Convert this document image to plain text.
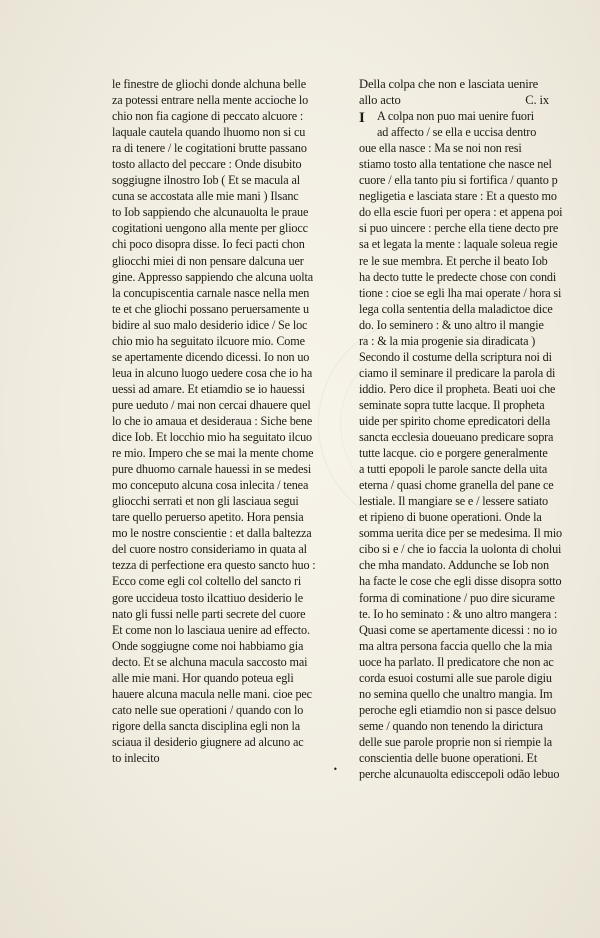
le finestre de gliochi donde alchuna belle
za potessi entrare nella mente accioche lo
chio non fia cagione di peccato alcuore :
laquale cautela quando lhuomo non si cu
ra di tenere / le cogitationi brutte passano
tosto allacto del peccare : Onde disubito
soggiugne ilnostro Iob ( Et se macula al
cuna se accostata alle mie mani ) Ilsanc
to Iob sappiendo che alcunauolta le praue
cogitationi uengono alla mente per gliocc
chi poco disopra disse. Io feci pacti chon
gliocchi miei di non pensare dalcuna uer
gine. Appresso sappiendo che alcuna uolta
la concupiscentia carnale nasce nella men
te et che gliochi possano peruersamente u
bidire al suo malo desiderio idice / Se loc
chio mio ha seguitato ilcuore mio. Come
se apertamente dicendo dicessi. Io non uo
leua in alcuno luogo uedere cosa che io ha
uessi ad amare. Et etiamdio se io hauessi
pure ueduto / mai non cercai dhauere quel
lo che io amaua et desideraua : Siche bene
dice Iob. Et locchio mio ha seguitato ilcuo
re mio. Impero che se mai la mente chome
pure dhuomo carnale hauessi in se medesi
mo conceputo alcuna cosa inlecita / tenea
gliocchi serrati et non gli lasciaua segui
tare quello peruerso apetito. Hora pensia
mo le nostre conscientie : et dalla baltezza
del cuore nostro consideriamo in quata al
tezza di perfectione era questo sancto huo :
Ecco come egli col coltello del sancto ri
gore uccideua tosto ilcattiuo desiderio le
nato gli fussi nelle parti secrete del cuore
Et come non lo lasciaua uenire ad effecto.
Onde soggiugne come noi habbiamo gia
decto. Et se alchuna macula saccosto mai
alle mie mani. Hor quando poteua egli
hauere alcuna macula nelle mani. cioe pec
cato nelle sue operationi / quando con lo
rigore della sancta disciplina egli non la
sciaua il desiderio giugnere ad alcuno ac
to inlecito
Della colpa che non e lasciata uenire
allo acto	C. ix
I A colpa non puo mai uenire fuori
ad affecto / se ella e uccisa dentro
oue ella nasce : Ma se noi non resi
stiamo tosto alla tentatione che nasce nel
cuore / ella tanto piu si fortifica / quanto p
negligetia e lasciata stare : Et a questo mo
do ella escie fuori per opera : et appena poi
si puo uincere : perche ella tiene decto pre
sa et legata la mente : laquale soleua regie
re le sue membra. Et perche il beato Iob
ha decto tutte le predecte chose con condi
tione : cioe se egli lha mai operate / hora si
lega colla sententia della maladictoe dice
do. Io seminero : & uno altro il mangie
ra : & la mia progenie sia diradicata )
Secondo il costume della scriptura noi di
ciamo il seminare il predicare la parola di
iddio. Pero dice il propheta. Beati uoi che
seminate sopra tutte lacque. Il propheta
uide per spirito chome epredicatori della
sancta ecclesia doueuano predicare sopra
tutte lacque. cio e porgere generalmente
a tutti epopoli le parole sancte della uita
eterna / quasi chome granella del pane ce
lestiale. Il mangiare se e / lessere satiato
et ripieno di buone operationi. Onde la
somma uerita dice per se medesima. Il mio
cibo si e / che io faccia la uolonta di cholui
che mha mandato. Addunche se Iob non
ha facte le cose che egli disse disopra sotto
forma di cominatione / puo dire sicurame
te. Io ho seminato : & uno altro mangera :
Quasi come se apertamente dicessi : no io
ma altra persona faccia quello che la mia
uoce ha parlato. Il predicatore che non ac
corda esuoi costumi alle sue parole digiu
no semina quello che unaltro mangia. Im
peroche egli etiamdio non si pasce delsuo
seme / quando non tenendo la dirictura
delle sue parole proprie non si riempie la
conscientia delle buone operationi. Et
perche alcunauolta edisccepoli odão lebuo
•
